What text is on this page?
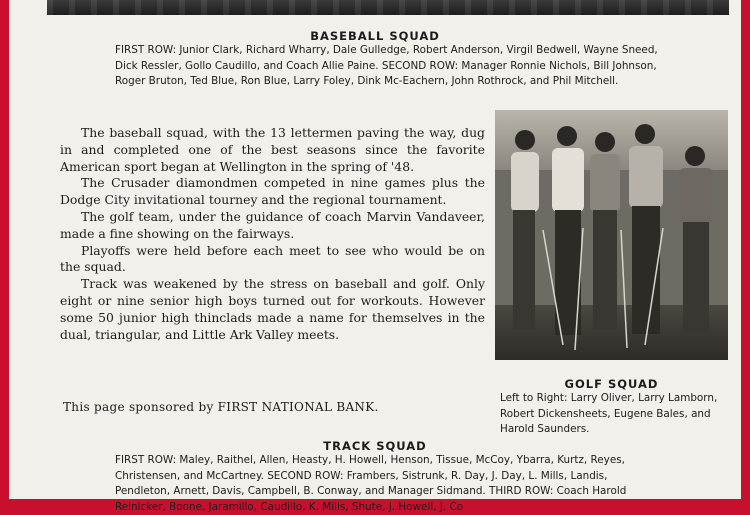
BASEBALL SQUAD

FIRST ROW: Junior Clark, Richard Wharry, Dale Gulledge, Robert Anderson, Virgil Bedwell, Wayne Sneed, Dick Ressler, Gollo Caudillo, and Coach Allie Paine. SECOND ROW: Manager Ronnie Nichols, Bill Johnson, Roger Bruton, Ted Blue, Ron Blue, Larry Foley, Dink Mc-Eachern, John Rothrock, and Phil Mitchell.

The baseball squad, with the 13 lettermen paving the way, dug in and completed one of the best seasons since the favorite American sport began at Wellington in the spring of '48.

The Crusader diamondmen competed in nine games plus the Dodge City invitational tourney and the regional tournament.

The golf team, under the guidance of coach Marvin Vandaveer, made a fine showing on the fairways.

Playoffs were held before each meet to see who would be on the squad.

Track was weakened by the stress on baseball and golf. Only eight or nine senior high boys turned out for workouts. However some 50 junior high thinclads made a name for themselves in the dual, triangular, and Little Ark Valley meets.

This page sponsored by FIRST NATIONAL BANK.

GOLF SQUAD

Left to Right: Larry Oliver, Larry Lamborn, Robert Dickensheets, Eugene Bales, and Harold Saunders.

TRACK SQUAD

FIRST ROW: Maley, Raithel, Allen, Heasty, H. Howell, Henson, Tissue, McCoy, Ybarra, Kurtz, Reyes, Christensen, and McCartney. SECOND ROW: Frambers, Sistrunk, R. Day, J. Day, L. Mills, Landis, Pendleton, Arnett, Davis, Campbell, B. Conway, and Manager Sidmand. THIRD ROW: Coach Harold Reinicker, Boone, Jaramillo, Caudillo, K. Mills, Shute, J. Howell, J. Co
